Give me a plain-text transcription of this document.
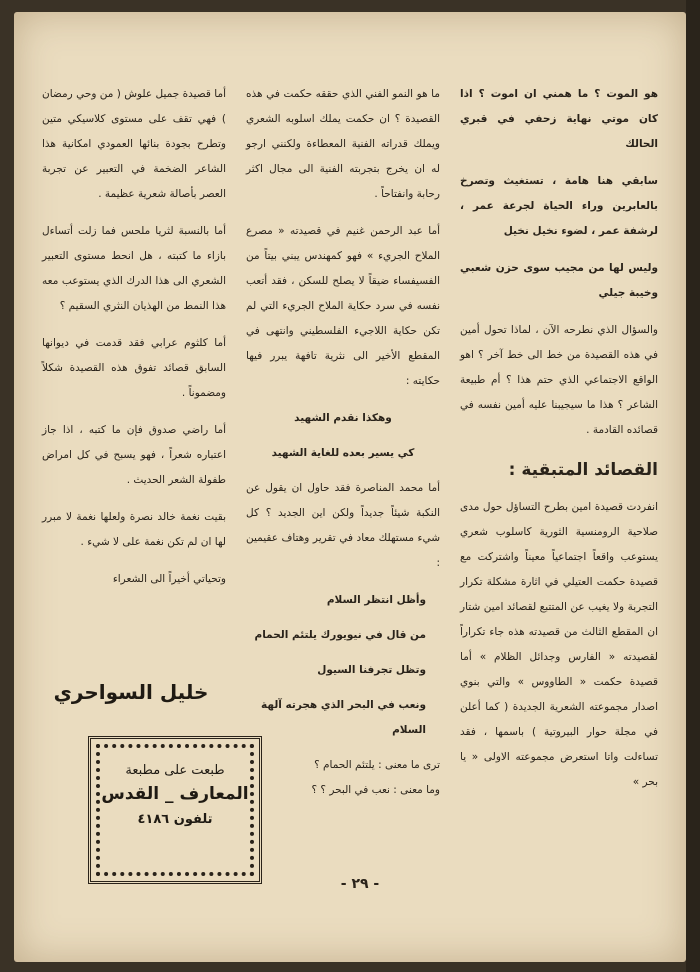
هو الموت ؟ ما همني ان اموت ؟ اذا كان موتي نهاية زحفي في قبري الحالك

سابقي هنا هامة ، تستغيث وتصرخ بالعابرين وراء الحياة لجرعة عمر ، لرشفة عمر ، لضوء نخيل نخيل

وليس لها من مجيب سوى حزن شعبي وخيبة جيلي

والسؤال الذي نطرحه الآن ، لماذا تحول أمين في هذه القصيدة من خط الى خط آخر ؟ اهو الواقع الاجتماعي الذي حتم هذا ؟ أم طبيعة الشاعر ؟ هذا ما سيجيبنا عليه أمين نفسه في قصائده القادمة .

القصائد المتبقية :

انفردت قصيدة امين بطرح التساؤل حول مدى صلاحية الرومنسية الثورية كاسلوب شعري يستوعب واقعاً اجتماعياً معيناً واشتركت مع قصيدة حكمت العتيلي في اثارة مشكلة تكرار التجربة ولا يغيب عن المتتبع لقصائد امين شتار ان المقطع الثالث من قصيدته هذه جاء تكراراً لقصيدته « الفارس وجدائل الظلام » أما قصيدة حكمت « الطاووس » والتي بنوي اصدار مجموعته الشعرية الجديدة ( كما أعلن في مجلة حوار البيروتية ) باسمها ، فقد تساءلت واتا استعرض مجموعته الاولى « يا بحر »

ما هو النمو الفني الذي حققه حكمت في هذه القصيدة ؟ ان حكمت يملك اسلوبه الشعري ويملك قدراته الفنية المعطاءة ولكنني ارجو له ان يخرج بتجربته الفنية الى مجال اكثر رحابة وانفتاحاً .

أما عبد الرحمن غنيم في قصيدته « مصرع الملاح الجريء » فهو كمهندس يبني بيتاً من الفسيفساء ضيقاً لا يصلح للسكن ، فقد أتعب نفسه في سرد حكاية الملاح الجريء التي لم تكن حكاية اللاجيء الفلسطيني وانتهى في المقطع الأخير الى نثرية تافهة يبرر فيها حكايته :

وهكذا نقدم الشهيد
كي يسير بعده للغاية الشهيد

أما محمد المناصرة فقد حاول ان يقول عن النكبة شيئاً جديداً ولكن اين الجديد ؟ كل شيء مستهلك معاد في تقرير وهتاف عقيمين :

وأظل انتظر السلام
من قال في نيويورك يلتئم الحمام
وتظل تجرفنا السيول
ونعب في البحر الذي هجرته آلهة السلام
ترى ما معنى : يلتئم الحمام ؟
وما معنى : نعب في البحر ؟ ؟

أما قصيدة جميل علوش ( من وحي رمضان ) فهي تقف على مستوى كلاسيكي متين وتطرح بجودة بنائها العمودي امكانية هذا الشاعر الضخمة في التعبير عن تجربة العصر بأصالة شعرية عظيمة .

أما بالنسبة لثريا ملحس فما زلت أتساءل بازاء ما كتبته ، هل انحط مستوى التعبير الشعري الى هذا الدرك الذي يستوعب معه هذا النمط من الهذيان النثري السقيم ؟

أما كلثوم عرابي فقد قدمت في ديوانها السابق قصائد تفوق هذه القصيدة شكلاً ومضموناً .

أما راضي صدوق فإن ما كتبه ، اذا جاز اعتباره شعراً ، فهو يسبح في كل امراض طفولة الشعر الحديث .

بقيت نغمة خالد نصرة ولعلها نغمة لا مبرر لها ان لم تكن نغمة على لا شيء .

وتحياتي أخيراً الى الشعراء

خليل السواحري
طبعت على مطبعة
المعارف _ القدس
تلفون ٤١٨٦
- ٢٩ -
